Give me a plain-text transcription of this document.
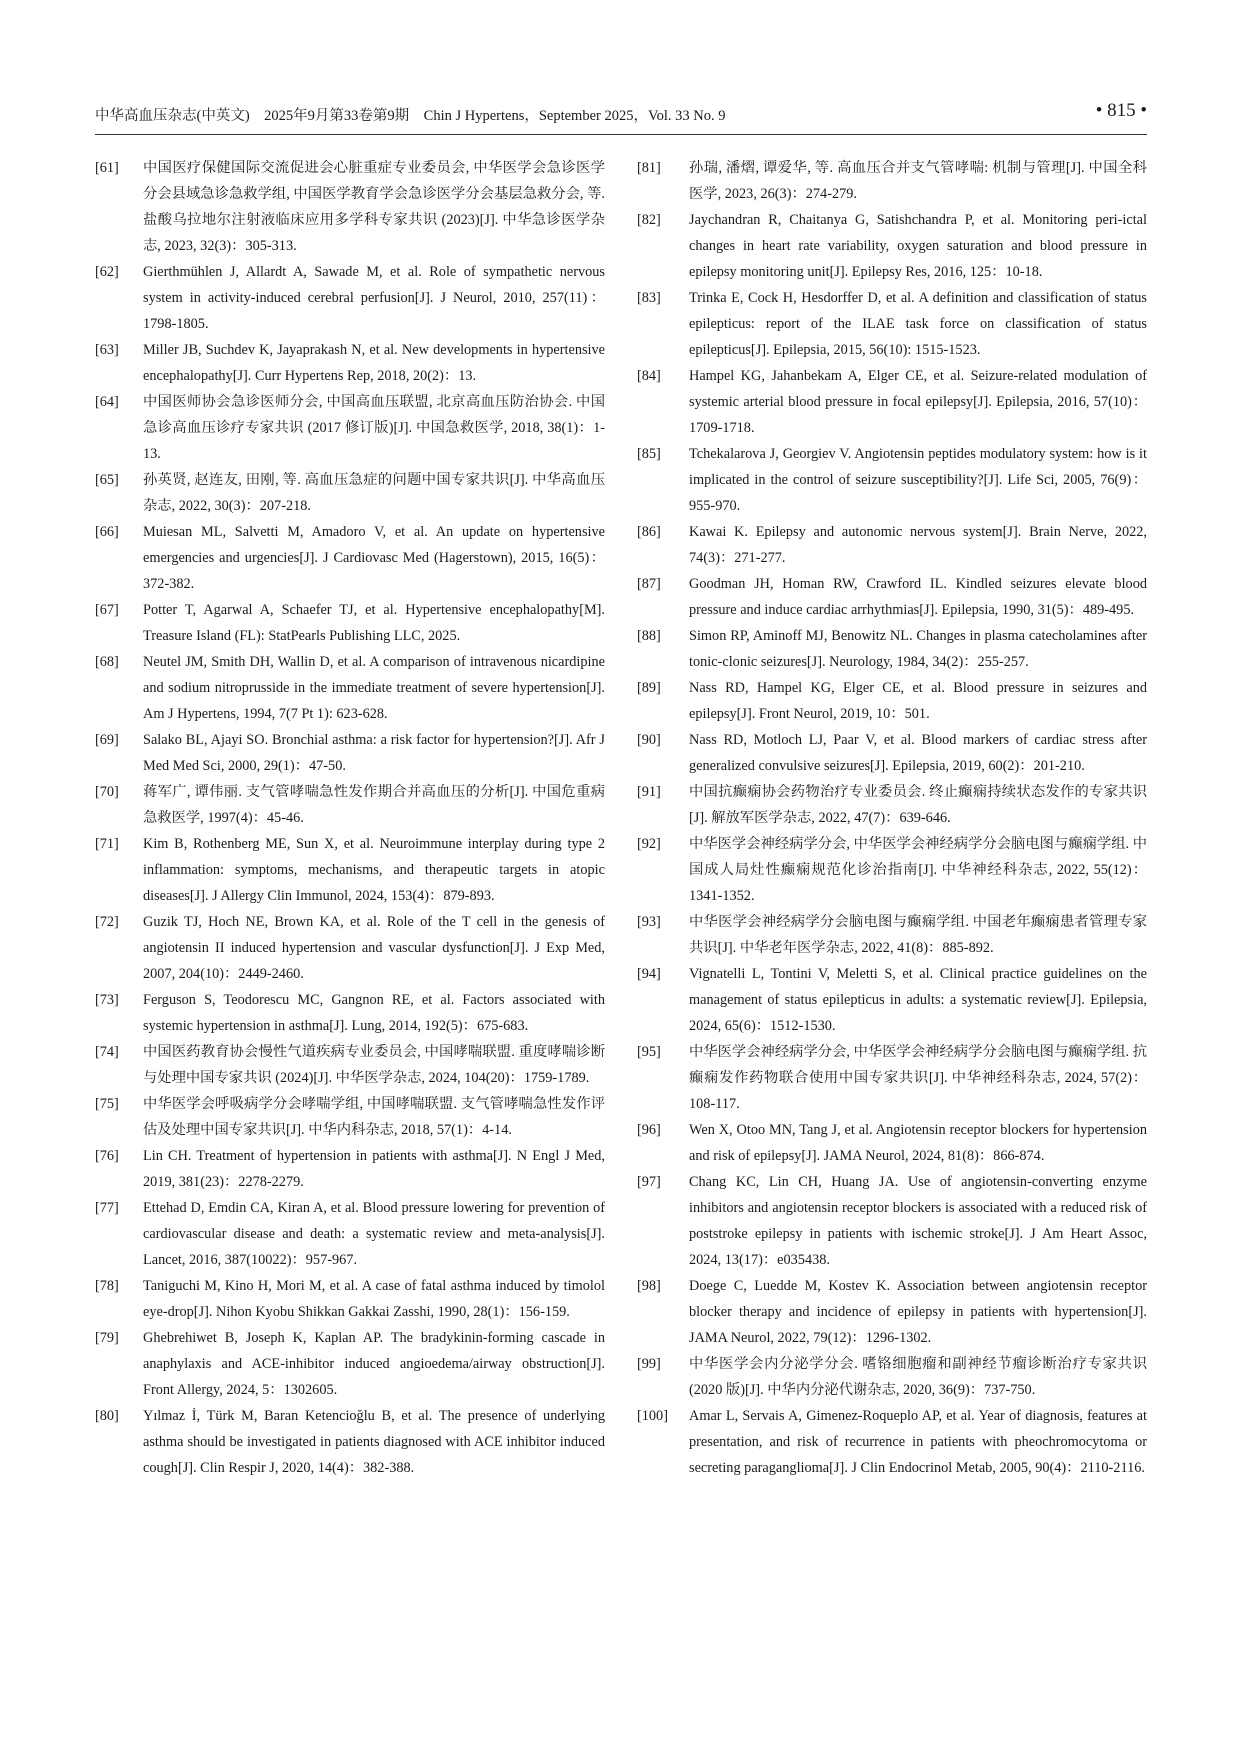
中华高血压杂志(中英文)　2025年9月第33卷第9期　Chin J Hypertens，September 2025，Vol. 33 No. 9	• 815 •
[61]	中国医疗保健国际交流促进会心脏重症专业委员会, 中华医学会急诊医学分会县域急诊急救学组, 中国医学教育学会急诊医学分会基层急救分会, 等. 盐酸乌拉地尔注射液临床应用多学科专家共识 (2023)[J]. 中华急诊医学杂志, 2023, 32(3)：305-313.
[62]	Gierthmühlen J, Allardt A, Sawade M, et al. Role of sympathetic nervous system in activity-induced cerebral perfusion[J]. J Neurol, 2010, 257(11)：1798-1805.
[63]	Miller JB, Suchdev K, Jayaprakash N, et al. New developments in hypertensive encephalopathy[J]. Curr Hypertens Rep, 2018, 20(2)：13.
[64]	中国医师协会急诊医师分会, 中国高血压联盟, 北京高血压防治协会. 中国急诊高血压诊疗专家共识 (2017 修订版)[J]. 中国急救医学, 2018, 38(1)：1-13.
[65]	孙英贤, 赵连友, 田刚, 等. 高血压急症的问题中国专家共识[J]. 中华高血压杂志, 2022, 30(3)：207-218.
[66]	Muiesan ML, Salvetti M, Amadoro V, et al. An update on hypertensive emergencies and urgencies[J]. J Cardiovasc Med (Hagerstown), 2015, 16(5)：372-382.
[67]	Potter T, Agarwal A, Schaefer TJ, et al. Hypertensive encephalopathy[M]. Treasure Island (FL): StatPearls Publishing LLC, 2025.
[68]	Neutel JM, Smith DH, Wallin D, et al. A comparison of intravenous nicardipine and sodium nitroprusside in the immediate treatment of severe hypertension[J]. Am J Hypertens, 1994, 7(7 Pt 1): 623-628.
[69]	Salako BL, Ajayi SO. Bronchial asthma: a risk factor for hypertension?[J]. Afr J Med Med Sci, 2000, 29(1)：47-50.
[70]	蒋军广, 谭伟丽. 支气管哮喘急性发作期合并高血压的分析[J]. 中国危重病急救医学, 1997(4)：45-46.
[71]	Kim B, Rothenberg ME, Sun X, et al. Neuroimmune interplay during type 2 inflammation: symptoms, mechanisms, and therapeutic targets in atopic diseases[J]. J Allergy Clin Immunol, 2024, 153(4)：879-893.
[72]	Guzik TJ, Hoch NE, Brown KA, et al. Role of the T cell in the genesis of angiotensin II induced hypertension and vascular dysfunction[J]. J Exp Med, 2007, 204(10)：2449-2460.
[73]	Ferguson S, Teodorescu MC, Gangnon RE, et al. Factors associated with systemic hypertension in asthma[J]. Lung, 2014, 192(5)：675-683.
[74]	中国医药教育协会慢性气道疾病专业委员会, 中国哮喘联盟. 重度哮喘诊断与处理中国专家共识 (2024)[J]. 中华医学杂志, 2024, 104(20)：1759-1789.
[75]	中华医学会呼吸病学分会哮喘学组, 中国哮喘联盟. 支气管哮喘急性发作评估及处理中国专家共识[J]. 中华内科杂志, 2018, 57(1)：4-14.
[76]	Lin CH. Treatment of hypertension in patients with asthma[J]. N Engl J Med, 2019, 381(23)：2278-2279.
[77]	Ettehad D, Emdin CA, Kiran A, et al. Blood pressure lowering for prevention of cardiovascular disease and death: a systematic review and meta-analysis[J]. Lancet, 2016, 387(10022)：957-967.
[78]	Taniguchi M, Kino H, Mori M, et al. A case of fatal asthma induced by timolol eye-drop[J]. Nihon Kyobu Shikkan Gakkai Zasshi, 1990, 28(1)：156-159.
[79]	Ghebrehiwet B, Joseph K, Kaplan AP. The bradykinin-forming cascade in anaphylaxis and ACE-inhibitor induced angioedema/airway obstruction[J]. Front Allergy, 2024, 5：1302605.
[80]	Yılmaz İ, Türk M, Baran Ketencioğlu B, et al. The presence of underlying asthma should be investigated in patients diagnosed with ACE inhibitor induced cough[J]. Clin Respir J, 2020, 14(4)：382-388.
[81]	孙瑞, 潘熠, 谭爱华, 等. 高血压合并支气管哮喘: 机制与管理[J]. 中国全科医学, 2023, 26(3)：274-279.
[82]	Jaychandran R, Chaitanya G, Satishchandra P, et al. Monitoring peri-ictal changes in heart rate variability, oxygen saturation and blood pressure in epilepsy monitoring unit[J]. Epilepsy Res, 2016, 125：10-18.
[83]	Trinka E, Cock H, Hesdorffer D, et al. A definition and classification of status epilepticus: report of the ILAE task force on classification of status epilepticus[J]. Epilepsia, 2015, 56(10): 1515-1523.
[84]	Hampel KG, Jahanbekam A, Elger CE, et al. Seizure-related modulation of systemic arterial blood pressure in focal epilepsy[J]. Epilepsia, 2016, 57(10)：1709-1718.
[85]	Tchekalarova J, Georgiev V. Angiotensin peptides modulatory system: how is it implicated in the control of seizure susceptibility?[J]. Life Sci, 2005, 76(9)：955-970.
[86]	Kawai K. Epilepsy and autonomic nervous system[J]. Brain Nerve, 2022, 74(3)：271-277.
[87]	Goodman JH, Homan RW, Crawford IL. Kindled seizures elevate blood pressure and induce cardiac arrhythmias[J]. Epilepsia, 1990, 31(5)：489-495.
[88]	Simon RP, Aminoff MJ, Benowitz NL. Changes in plasma catecholamines after tonic-clonic seizures[J]. Neurology, 1984, 34(2)：255-257.
[89]	Nass RD, Hampel KG, Elger CE, et al. Blood pressure in seizures and epilepsy[J]. Front Neurol, 2019, 10：501.
[90]	Nass RD, Motloch LJ, Paar V, et al. Blood markers of cardiac stress after generalized convulsive seizures[J]. Epilepsia, 2019, 60(2)：201-210.
[91]	中国抗癫痫协会药物治疗专业委员会. 终止癫痫持续状态发作的专家共识[J]. 解放军医学杂志, 2022, 47(7)：639-646.
[92]	中华医学会神经病学分会, 中华医学会神经病学分会脑电图与癫痫学组. 中国成人局灶性癫痫规范化诊治指南[J]. 中华神经科杂志, 2022, 55(12)：1341-1352.
[93]	中华医学会神经病学分会脑电图与癫痫学组. 中国老年癫痫患者管理专家共识[J]. 中华老年医学杂志, 2022, 41(8)：885-892.
[94]	Vignatelli L, Tontini V, Meletti S, et al. Clinical practice guidelines on the management of status epilepticus in adults: a systematic review[J]. Epilepsia, 2024, 65(6)：1512-1530.
[95]	中华医学会神经病学分会, 中华医学会神经病学分会脑电图与癫痫学组. 抗癫痫发作药物联合使用中国专家共识[J]. 中华神经科杂志, 2024, 57(2)：108-117.
[96]	Wen X, Otoo MN, Tang J, et al. Angiotensin receptor blockers for hypertension and risk of epilepsy[J]. JAMA Neurol, 2024, 81(8)：866-874.
[97]	Chang KC, Lin CH, Huang JA. Use of angiotensin-converting enzyme inhibitors and angiotensin receptor blockers is associated with a reduced risk of poststroke epilepsy in patients with ischemic stroke[J]. J Am Heart Assoc, 2024, 13(17)：e035438.
[98]	Doege C, Luedde M, Kostev K. Association between angiotensin receptor blocker therapy and incidence of epilepsy in patients with hypertension[J]. JAMA Neurol, 2022, 79(12)：1296-1302.
[99]	中华医学会内分泌学分会. 嗜铬细胞瘤和副神经节瘤诊断治疗专家共识 (2020 版)[J]. 中华内分泌代谢杂志, 2020, 36(9)：737-750.
[100]	Amar L, Servais A, Gimenez-Roqueplo AP, et al. Year of diagnosis, features at presentation, and risk of recurrence in patients with pheochromocytoma or secreting paraganglioma[J]. J Clin Endocrinol Metab, 2005, 90(4)：2110-2116.
